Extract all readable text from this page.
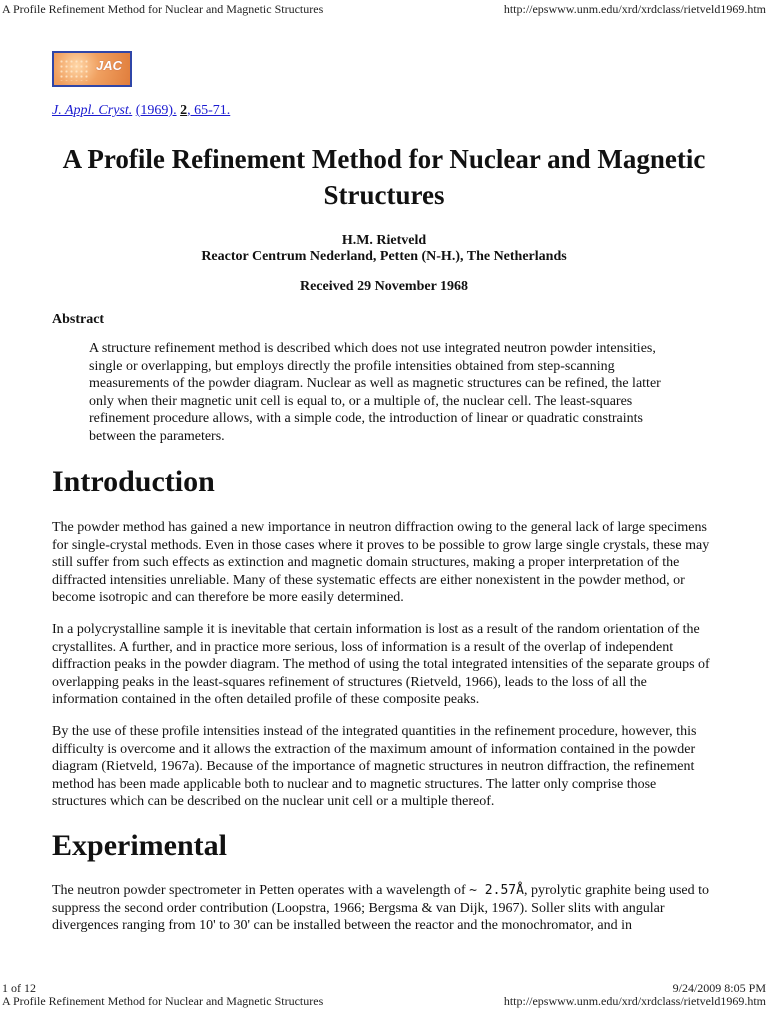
A Profile Refinement Method for Nuclear and Magnetic Structures	http://epswww.unm.edu/xrd/xrdclass/rietveld1969.htm
JAC
J. Appl. Cryst. (1969). 2, 65-71.
A Profile Refinement Method for Nuclear and Magnetic Structures
H.M. Rietveld
Reactor Centrum Nederland, Petten (N-H.), The Netherlands
Received 29 November 1968
Abstract

A structure refinement method is described which does not use integrated neutron powder intensities, single or overlapping, but employs directly the profile intensities obtained from step-scanning measurements of the powder diagram. Nuclear as well as magnetic structures can be refined, the latter only when their magnetic unit cell is equal to, or a multiple of, the nuclear cell. The least-squares refinement procedure allows, with a simple code, the introduction of linear or quadratic constraints between the parameters.

Introduction

The powder method has gained a new importance in neutron diffraction owing to the general lack of large specimens for single-crystal methods. Even in those cases where it proves to be possible to grow large single crystals, these may still suffer from such effects as extinction and magnetic domain structures, making a proper interpretation of the diffracted intensities unreliable. Many of these systematic effects are either nonexistent in the powder method, or become isotropic and can therefore be more easily determined.

In a polycrystalline sample it is inevitable that certain information is lost as a result of the random orientation of the crystallites. A further, and in practice more serious, loss of information is a result of the overlap of independent diffraction peaks in the powder diagram. The method of using the total integrated intensities of the separate groups of overlapping peaks in the least-squares refinement of structures (Rietveld, 1966), leads to the loss of all the information contained in the often detailed profile of these composite peaks.

By the use of these profile intensities instead of the integrated quantities in the refinement procedure, however, this difficulty is overcome and it allows the extraction of the maximum amount of information contained in the powder diagram (Rietveld, 1967a). Because of the importance of magnetic structures in neutron diffraction, the refinement method has been made applicable both to nuclear and to magnetic structures. The latter only comprise those structures which can be described on the nuclear unit cell or a multiple thereof.

Experimental

The neutron powder spectrometer in Petten operates with a wavelength of ~ 2.57Å, pyrolytic graphite being used to suppress the second order contribution (Loopstra, 1966; Bergsma & van Dijk, 1967). Soller slits with angular divergences ranging from 10' to 30' can be installed between the reactor and the monochromator, and in

1 of 12	9/24/2009 8:05 PM
A Profile Refinement Method for Nuclear and Magnetic Structures	http://epswww.unm.edu/xrd/xrdclass/rietveld1969.htm
